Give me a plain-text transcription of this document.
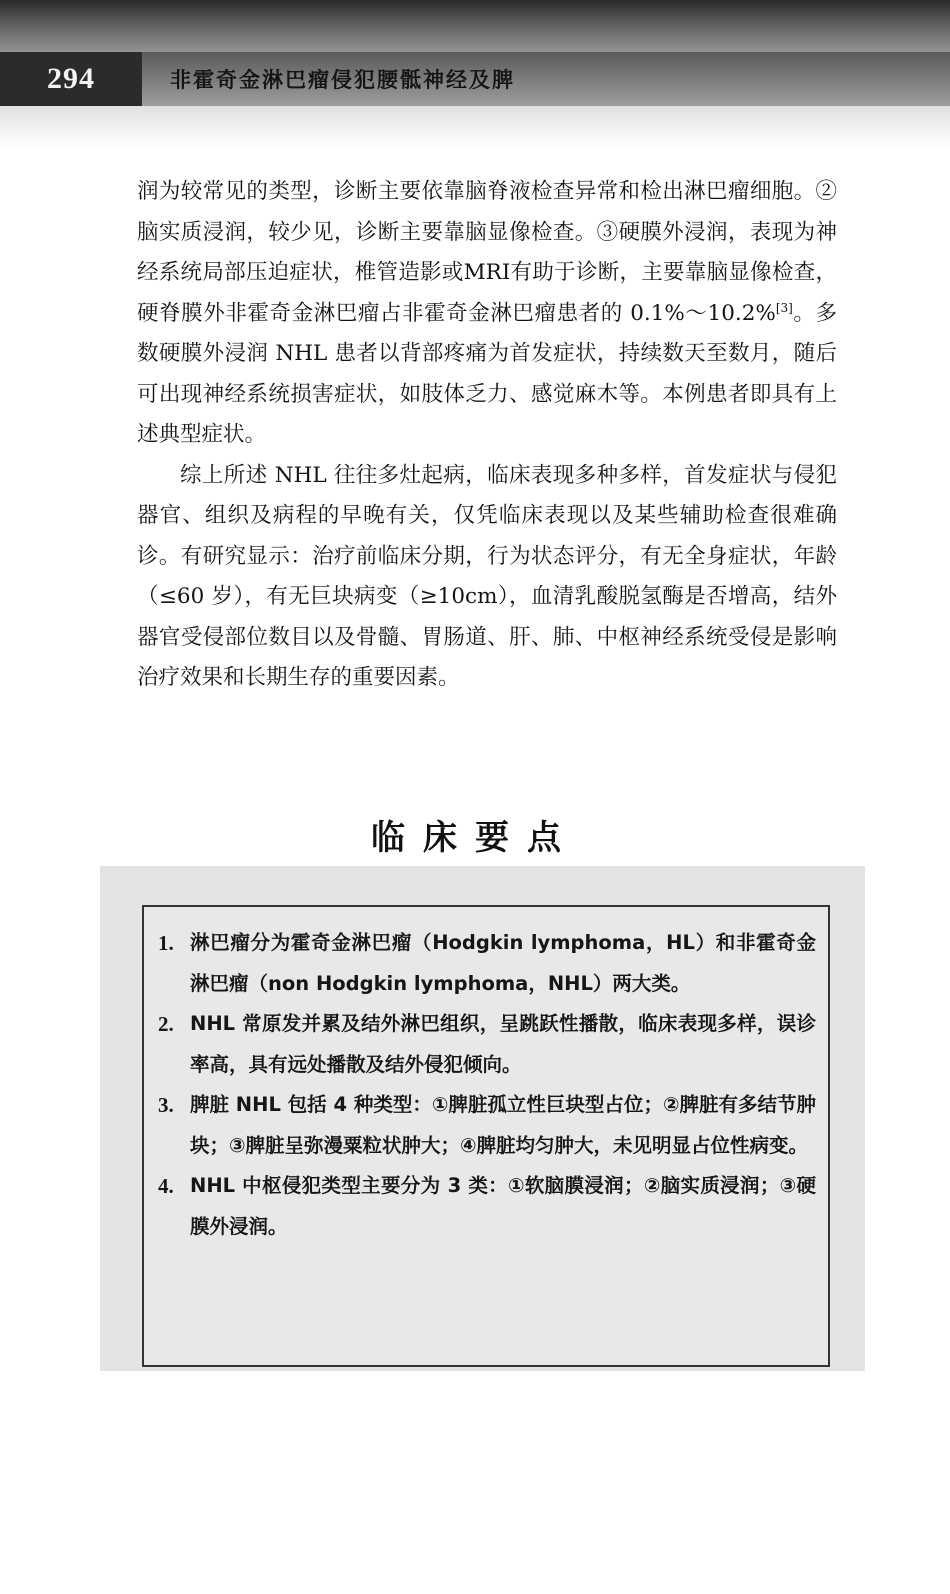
294	非霍奇金淋巴瘤侵犯腰骶神经及脾

润为较常见的类型，诊断主要依靠脑脊液检查异常和检出淋巴瘤细胞。②脑实质浸润，较少见，诊断主要靠脑显像检查。③硬膜外浸润，表现为神经系统局部压迫症状，椎管造影或MRI有助于诊断，主要靠脑显像检查，硬脊膜外非霍奇金淋巴瘤占非霍奇金淋巴瘤患者的 0.1%～10.2%[3]。多数硬膜外浸润 NHL 患者以背部疼痛为首发症状，持续数天至数月，随后可出现神经系统损害症状，如肢体乏力、感觉麻木等。本例患者即具有上述典型症状。

综上所述 NHL 往往多灶起病，临床表现多种多样，首发症状与侵犯器官、组织及病程的早晚有关，仅凭临床表现以及某些辅助检查很难确诊。有研究显示：治疗前临床分期，行为状态评分，有无全身症状，年龄（≤60 岁），有无巨块病变（≥10cm），血清乳酸脱氢酶是否增高，结外器官受侵部位数目以及骨髓、胃肠道、肝、肺、中枢神经系统受侵是影响治疗效果和长期生存的重要因素。

临床要点
1. 淋巴瘤分为霍奇金淋巴瘤（Hodgkin lymphoma，HL）和非霍奇金淋巴瘤（non Hodgkin lymphoma，NHL）两大类。
2. NHL 常原发并累及结外淋巴组织，呈跳跃性播散，临床表现多样，误诊率高，具有远处播散及结外侵犯倾向。
3. 脾脏 NHL 包括 4 种类型：①脾脏孤立性巨块型占位；②脾脏有多结节肿块；③脾脏呈弥漫粟粒状肿大；④脾脏均匀肿大，未见明显占位性病变。
4. NHL 中枢侵犯类型主要分为 3 类：①软脑膜浸润；②脑实质浸润；③硬膜外浸润。
